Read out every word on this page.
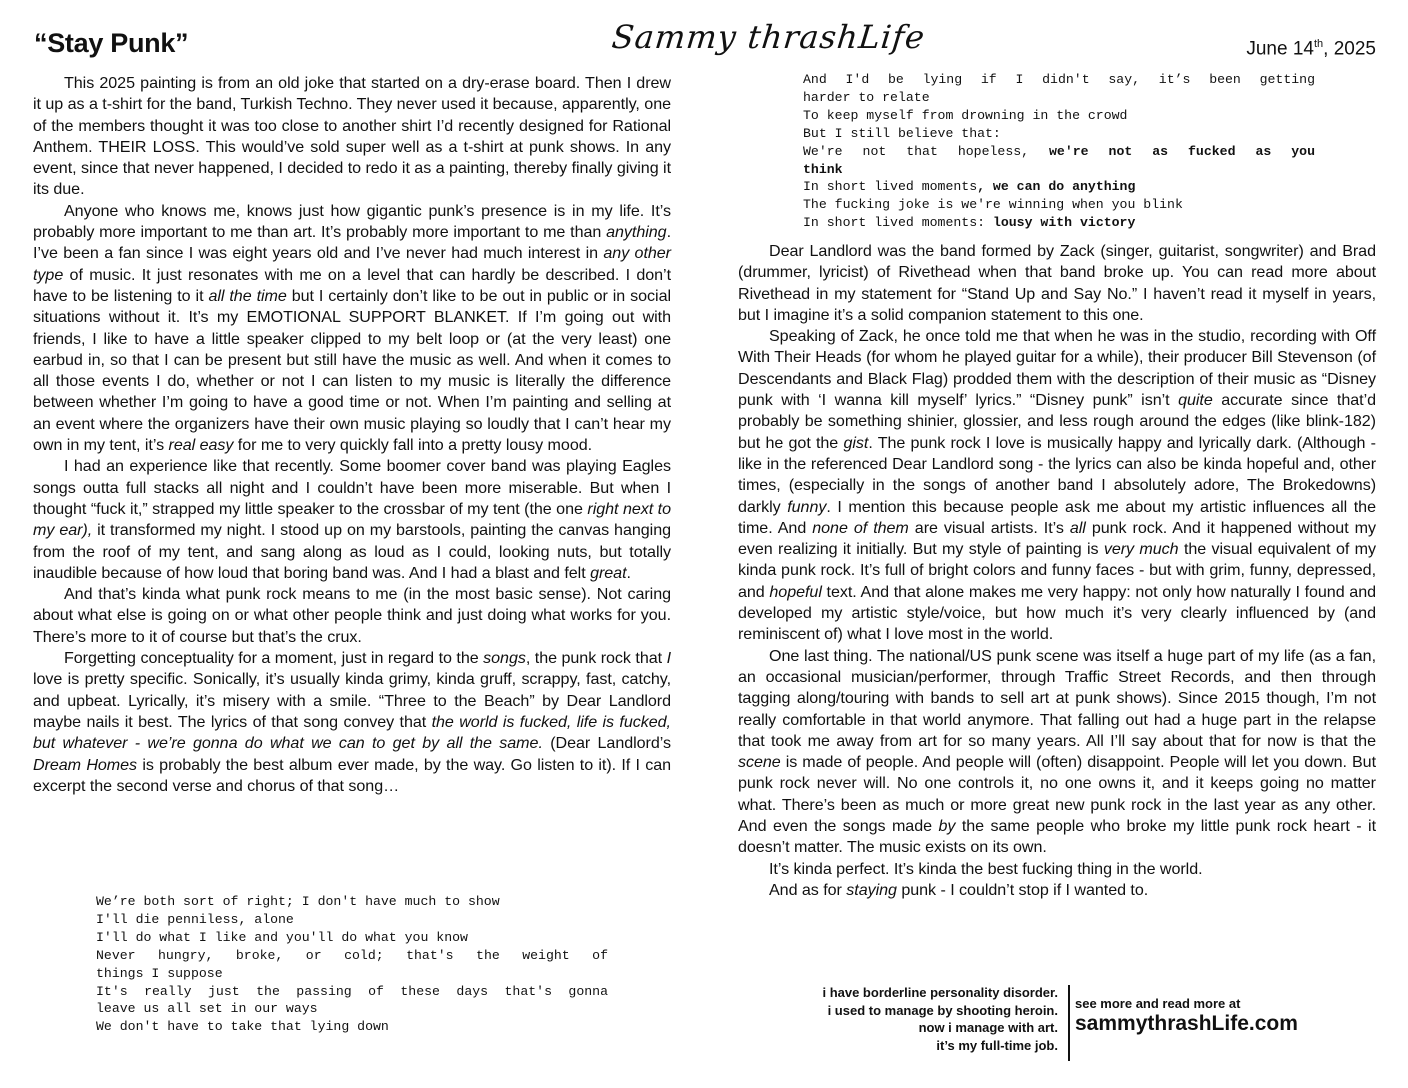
“Stay Punk”	Sammy thrashLife	June 14th, 2025

This 2025 painting is from an old joke that started on a dry-erase board. Then I drew it up as a t-shirt for the band, Turkish Techno. They never used it because, apparently, one of the members thought it was too close to another shirt I’d recently designed for Rational Anthem. THEIR LOSS. This would’ve sold super well as a t-shirt at punk shows. In any event, since that never happened, I decided to redo it as a painting, thereby finally giving it its due.

Anyone who knows me, knows just how gigantic punk’s presence is in my life. It’s probably more important to me than art. It’s probably more important to me than anything. I’ve been a fan since I was eight years old and I’ve never had much interest in any other type of music. It just resonates with me on a level that can hardly be described. I don’t have to be listening to it all the time but I certainly don’t like to be out in public or in social situations without it. It’s my EMOTIONAL SUPPORT BLANKET. If I’m going out with friends, I like to have a little speaker clipped to my belt loop or (at the very least) one earbud in, so that I can be present but still have the music as well. And when it comes to all those events I do, whether or not I can listen to my music is literally the difference between whether I’m going to have a good time or not. When I’m painting and selling at an event where the organizers have their own music playing so loudly that I can’t hear my own in my tent, it’s real easy for me to very quickly fall into a pretty lousy mood.

I had an experience like that recently. Some boomer cover band was playing Eagles songs outta full stacks all night and I couldn’t have been more miserable. But when I thought “fuck it,” strapped my little speaker to the crossbar of my tent (the one right next to my ear), it transformed my night. I stood up on my barstools, painting the canvas hanging from the roof of my tent, and sang along as loud as I could, looking nuts, but totally inaudible because of how loud that boring band was. And I had a blast and felt great.

And that’s kinda what punk rock means to me (in the most basic sense). Not caring about what else is going on or what other people think and just doing what works for you. There’s more to it of course but that’s the crux.

Forgetting conceptuality for a moment, just in regard to the songs, the punk rock that I love is pretty specific. Sonically, it’s usually kinda grimy, kinda gruff, scrappy, fast, catchy, and upbeat. Lyrically, it’s misery with a smile. “Three to the Beach” by Dear Landlord maybe nails it best. The lyrics of that song convey that the world is fucked, life is fucked, but whatever - we’re gonna do what we can to get by all the same. (Dear Landlord’s Dream Homes is probably the best album ever made, by the way. Go listen to it). If I can excerpt the second verse and chorus of that song…

We’re both sort of right; I don't have much to show
I'll die penniless, alone
I'll do what I like and you'll do what you know
Never hungry, broke, or cold; that's the weight of
things I suppose
It's really just the passing of these days that's gonna
leave us all set in our ways
We don't have to take that lying down
And I'd be lying if I didn't say, it’s been getting
harder to relate
To keep myself from drowning in the crowd
But I still believe that:
We're not that hopeless, we're not as fucked as you
think
In short lived moments, we can do anything
The fucking joke is we're winning when you blink
In short lived moments: lousy with victory

Dear Landlord was the band formed by Zack (singer, guitarist, songwriter) and Brad (drummer, lyricist) of Rivethead when that band broke up. You can read more about Rivethead in my statement for “Stand Up and Say No.” I haven’t read it myself in years, but I imagine it’s a solid companion statement to this one.

Speaking of Zack, he once told me that when he was in the studio, recording with Off With Their Heads (for whom he played guitar for a while), their producer Bill Stevenson (of Descendants and Black Flag) prodded them with the description of their music as “Disney punk with ‘I wanna kill myself’ lyrics.” “Disney punk” isn’t quite accurate since that’d probably be something shinier, glossier, and less rough around the edges (like blink-182) but he got the gist. The punk rock I love is musically happy and lyrically dark. (Although - like in the referenced Dear Landlord song - the lyrics can also be kinda hopeful and, other times, (especially in the songs of another band I absolutely adore, The Brokedowns) darkly funny. I mention this because people ask me about my artistic influences all the time. And none of them are visual artists. It’s all punk rock. And it happened without my even realizing it initially. But my style of painting is very much the visual equivalent of my kinda punk rock. It’s full of bright colors and funny faces - but with grim, funny, depressed, and hopeful text. And that alone makes me very happy: not only how naturally I found and developed my artistic style/voice, but how much it’s very clearly influenced by (and reminiscent of) what I love most in the world.

One last thing. The national/US punk scene was itself a huge part of my life (as a fan, an occasional musician/performer, through Traffic Street Records, and then through tagging along/touring with bands to sell art at punk shows). Since 2015 though, I’m not really comfortable in that world anymore. That falling out had a huge part in the relapse that took me away from art for so many years. All I’ll say about that for now is that the scene is made of people. And people will (often) disappoint. People will let you down. But punk rock never will. No one controls it, no one owns it, and it keeps going no matter what. There’s been as much or more great new punk rock in the last year as any other. And even the songs made by the same people who broke my little punk rock heart - it doesn’t matter. The music exists on its own.

It’s kinda perfect. It’s kinda the best fucking thing in the world.

And as for staying punk - I couldn’t stop if I wanted to.

i have borderline personality disorder.
i used to manage by shooting heroin.
now i manage with art.
it’s my full-time job.
see more and read more at
sammythrashLife.com
